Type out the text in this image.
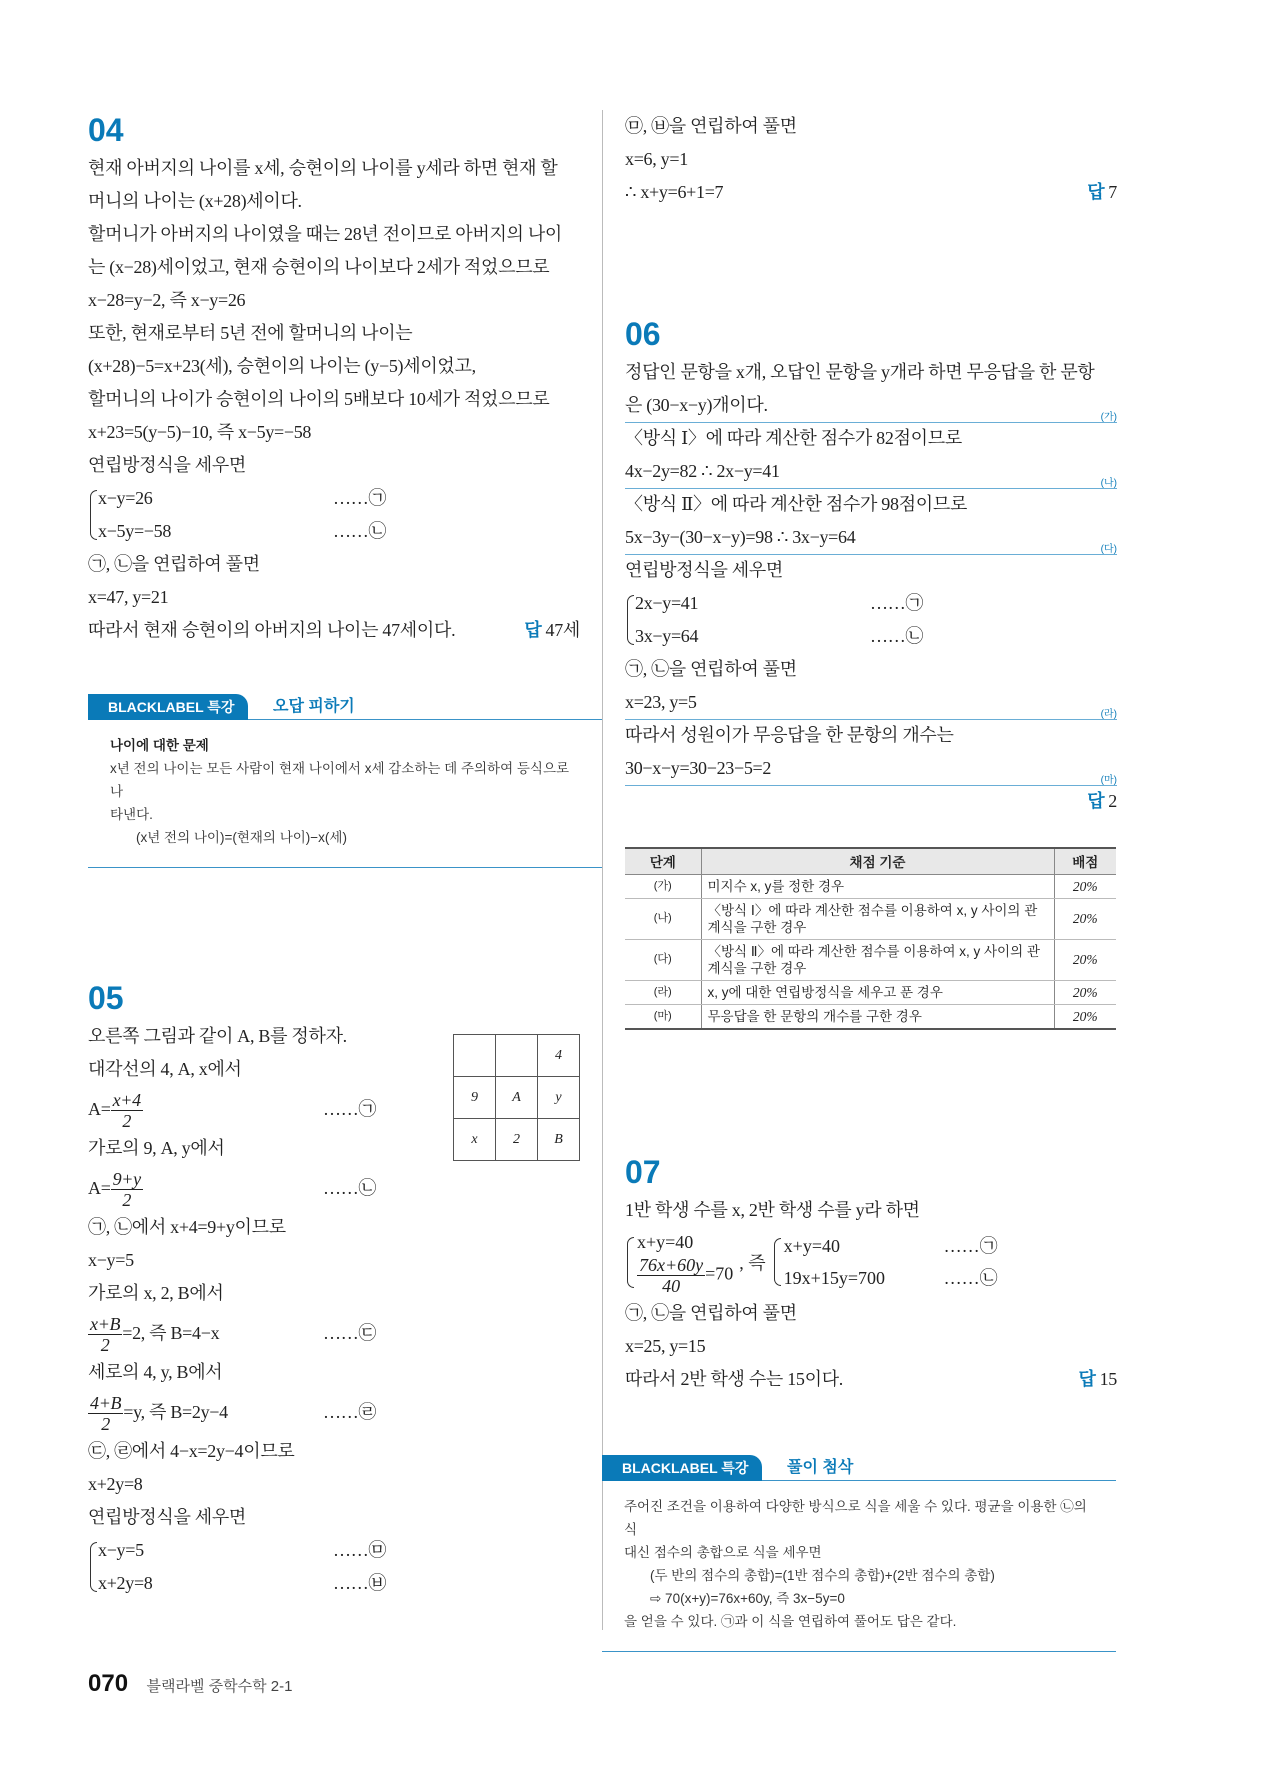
04
현재 아버지의 나이를 x세, 승현이의 나이를 y세라 하면 현재 할
머니의 나이는 (x+28)세이다.
할머니가 아버지의 나이였을 때는 28년 전이므로 아버지의 나이
는 (x−28)세이었고, 현재 승현이의 나이보다 2세가 적었으므로
x−28=y−2, 즉 x−y=26
또한, 현재로부터 5년 전에 할머니의 나이는
(x+28)−5=x+23(세), 승현이의 나이는 (y−5)세이었고,
할머니의 나이가 승현이의 나이의 5배보다 10세가 적었으므로
x+23=5(y−5)−10, 즉 x−5y=−58
연립방정식을 세우면
x−y=26	……㉠
x−5y=−58	……㉡
㉠, ㉡을 연립하여 풀면
x=47, y=21
따라서 현재 승현이의 아버지의 나이는 47세이다.	답 47세
BLACKLABEL 특강	오답 피하기
나이에 대한 문제
x년 전의 나이는 모든 사람이 현재 나이에서 x세 감소하는 데 주의하여 등식으로 나
타낸다.
(x년 전의 나이)=(현재의 나이)−x(세)
05
오른쪽 그림과 같이 A, B를 정하자.
대각선의 4, A, x에서
$A= \frac{x+4}{2}$	……㉠
가로의 9, A, y에서
$A= \frac{9+y}{2}$	……㉡
㉠, ㉡에서 x+4=9+y이므로
x−y=5
가로의 x, 2, B에서
$\frac{x+B}{2} =2$, 즉 B=4−x	……㉢
세로의 4, y, B에서
$\frac{4+B}{2} =y$, 즉 B=2y−4	……㉣
㉢, ㉣에서 4−x=2y−4이므로
x+2y=8
연립방정식을 세우면
x−y=5	……㉤
x+2y=8	……㉥
		4
9	A	y
x	2	B
㉤, ㉥을 연립하여 풀면
x=6, y=1
∴ x+y=6+1=7	답 7
06
정답인 문항을 x개, 오답인 문항을 y개라 하면 무응답을 한 문항
은 (30−x−y)개이다.
(가)
〈방식 Ⅰ〉에 따라 계산한 점수가 82점이므로
4x−2y=82 ∴ 2x−y=41
(나)
〈방식 Ⅱ〉에 따라 계산한 점수가 98점이므로
5x−3y−(30−x−y)=98 ∴ 3x−y=64
(다)
연립방정식을 세우면
2x−y=41	……㉠
3x−y=64	……㉡
㉠, ㉡을 연립하여 풀면
x=23, y=5
(라)
따라서 성원이가 무응답을 한 문항의 개수는
30−x−y=30−23−5=2
(마)
답 2
단계	채점 기준	배점
(가)	미지수 x, y를 정한 경우	20%
(나)	〈방식 Ⅰ〉에 따라 계산한 점수를 이용하여 x, y 사이의 관계식을 구한 경우	20%
(다)	〈방식 Ⅱ〉에 따라 계산한 점수를 이용하여 x, y 사이의 관계식을 구한 경우	20%
(라)	x, y에 대한 연립방정식을 세우고 푼 경우	20%
(마)	무응답을 한 문항의 개수를 구한 경우	20%
07
1반 학생 수를 x, 2반 학생 수를 y라 하면
x+y=40
$\frac{76x+60y}{40} =70$
, 즉
x+y=40	……㉠
19x+15y=700	……㉡
㉠, ㉡을 연립하여 풀면
x=25, y=15
따라서 2반 학생 수는 15이다.	답 15
BLACKLABEL 특강	풀이 첨삭
주어진 조건을 이용하여 다양한 방식으로 식을 세울 수 있다. 평균을 이용한 ㉡의 식
대신 점수의 총합으로 식을 세우면
(두 반의 점수의 총합)=(1반 점수의 총합)+(2반 점수의 총합)
⇨ 70(x+y)=76x+60y, 즉 3x−5y=0
을 얻을 수 있다. ㉠과 이 식을 연립하여 풀어도 답은 같다.
070 블랙라벨 중학수학 2-1
